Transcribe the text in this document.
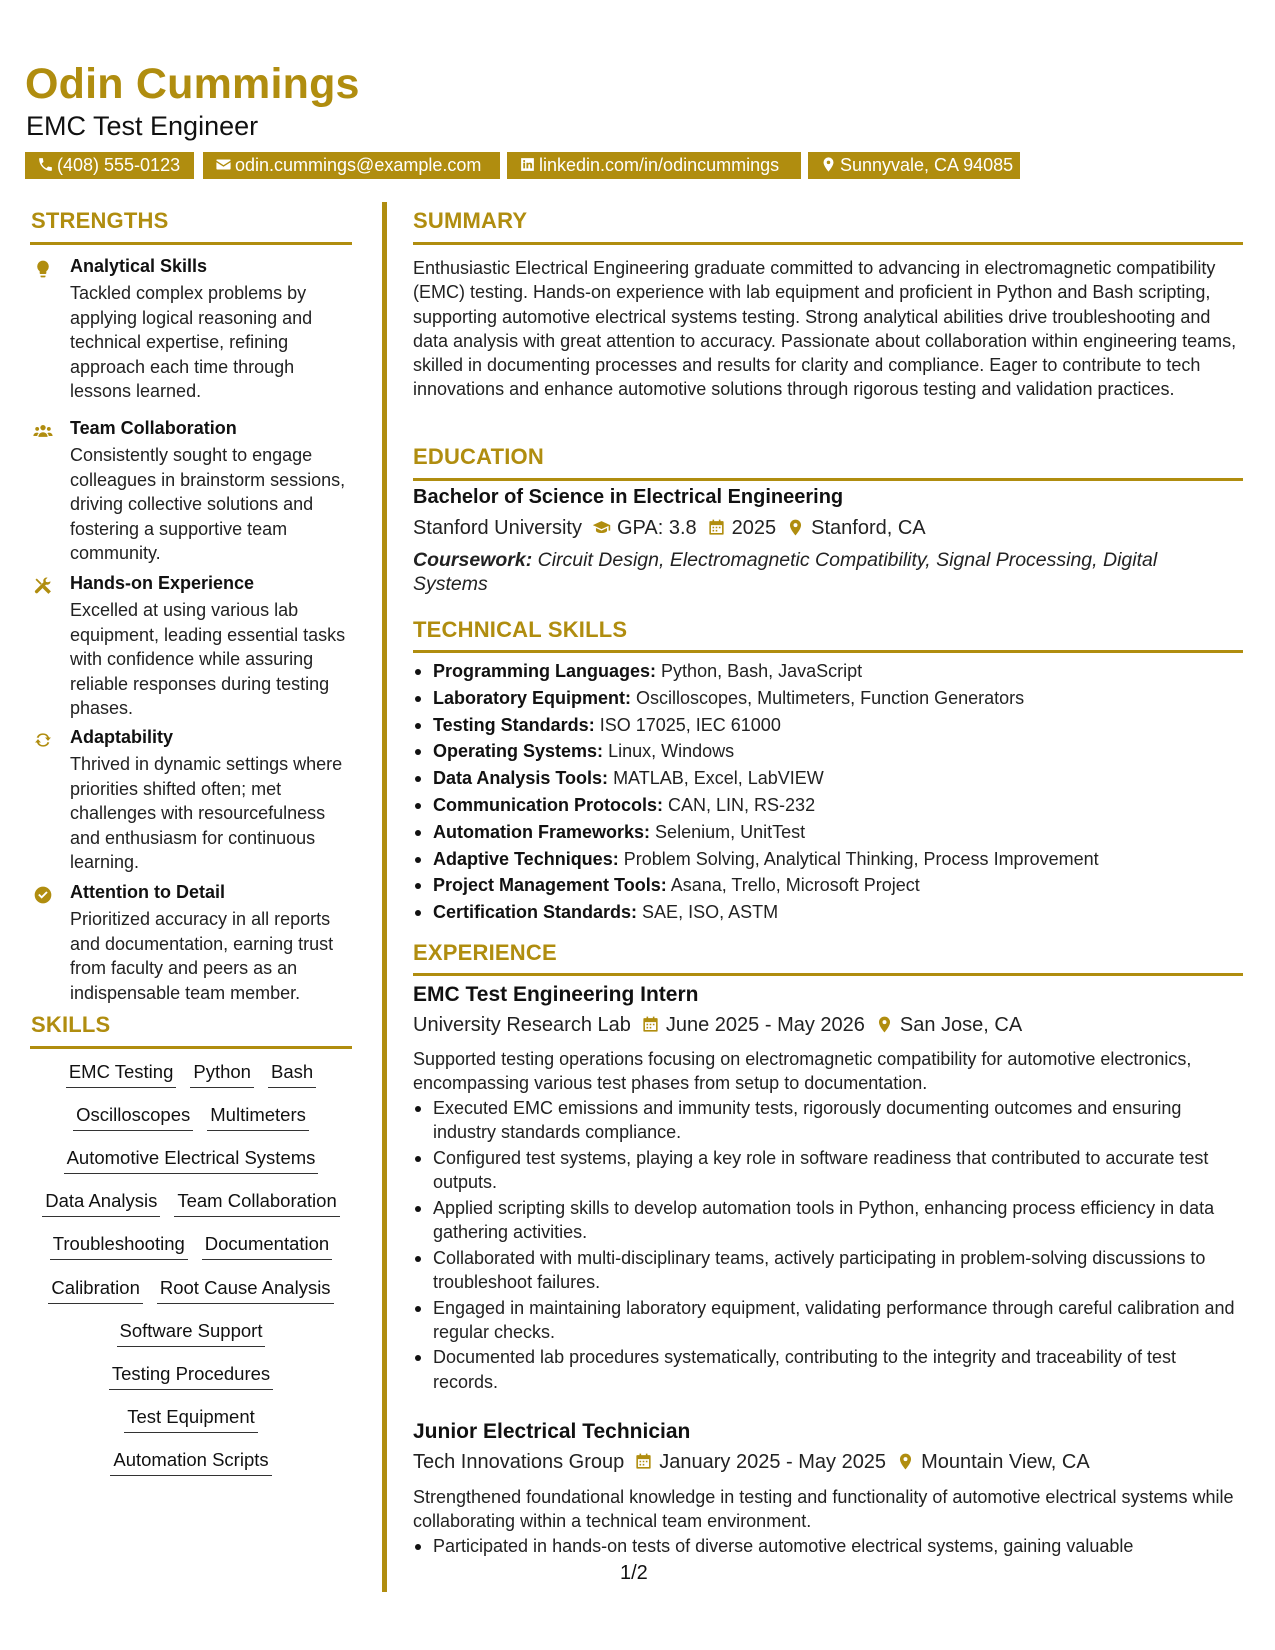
Odin Cummings
EMC Test Engineer
(408) 555-0123	odin.cummings@example.com	linkedin.com/in/odincummings	Sunnyvale, CA 94085
STRENGTHS
Analytical Skills
Tackled complex problems by applying logical reasoning and technical expertise, refining approach each time through lessons learned.
Team Collaboration
Consistently sought to engage colleagues in brainstorm sessions, driving collective solutions and fostering a supportive team community.
Hands-on Experience
Excelled at using various lab equipment, leading essential tasks with confidence while assuring reliable responses during testing phases.
Adaptability
Thrived in dynamic settings where priorities shifted often; met challenges with resourcefulness and enthusiasm for continuous learning.
Attention to Detail
Prioritized accuracy in all reports and documentation, earning trust from faculty and peers as an indispensable team member.
SKILLS
EMC Testing Python Bash
Oscilloscopes Multimeters
Automotive Electrical Systems
Data Analysis Team Collaboration
Troubleshooting Documentation
Calibration Root Cause Analysis
Software Support
Testing Procedures
Test Equipment
Automation Scripts
SUMMARY
Enthusiastic Electrical Engineering graduate committed to advancing in electromagnetic compatibility (EMC) testing. Hands-on experience with lab equipment and proficient in Python and Bash scripting, supporting automotive electrical systems testing. Strong analytical abilities drive troubleshooting and data analysis with great attention to accuracy. Passionate about collaboration within engineering teams, skilled in documenting processes and results for clarity and compliance. Eager to contribute to tech innovations and enhance automotive solutions through rigorous testing and validation practices.
EDUCATION
Bachelor of Science in Electrical Engineering
Stanford University GPA: 3.8 2025 Stanford, CA
Coursework: Circuit Design, Electromagnetic Compatibility, Signal Processing, Digital Systems
TECHNICAL SKILLS
Programming Languages: Python, Bash, JavaScript
Laboratory Equipment: Oscilloscopes, Multimeters, Function Generators
Testing Standards: ISO 17025, IEC 61000
Operating Systems: Linux, Windows
Data Analysis Tools: MATLAB, Excel, LabVIEW
Communication Protocols: CAN, LIN, RS-232
Automation Frameworks: Selenium, UnitTest
Adaptive Techniques: Problem Solving, Analytical Thinking, Process Improvement
Project Management Tools: Asana, Trello, Microsoft Project
Certification Standards: SAE, ISO, ASTM
EXPERIENCE
EMC Test Engineering Intern
University Research Lab June 2025 - May 2026 San Jose, CA
Supported testing operations focusing on electromagnetic compatibility for automotive electronics, encompassing various test phases from setup to documentation.
Executed EMC emissions and immunity tests, rigorously documenting outcomes and ensuring industry standards compliance.
Configured test systems, playing a key role in software readiness that contributed to accurate test outputs.
Applied scripting skills to develop automation tools in Python, enhancing process efficiency in data gathering activities.
Collaborated with multi-disciplinary teams, actively participating in problem-solving discussions to troubleshoot failures.
Engaged in maintaining laboratory equipment, validating performance through careful calibration and regular checks.
Documented lab procedures systematically, contributing to the integrity and traceability of test records.
Junior Electrical Technician
Tech Innovations Group January 2025 - May 2025 Mountain View, CA
Strengthened foundational knowledge in testing and functionality of automotive electrical systems while collaborating within a technical team environment.
Participated in hands-on tests of diverse automotive electrical systems, gaining valuable
1/2
